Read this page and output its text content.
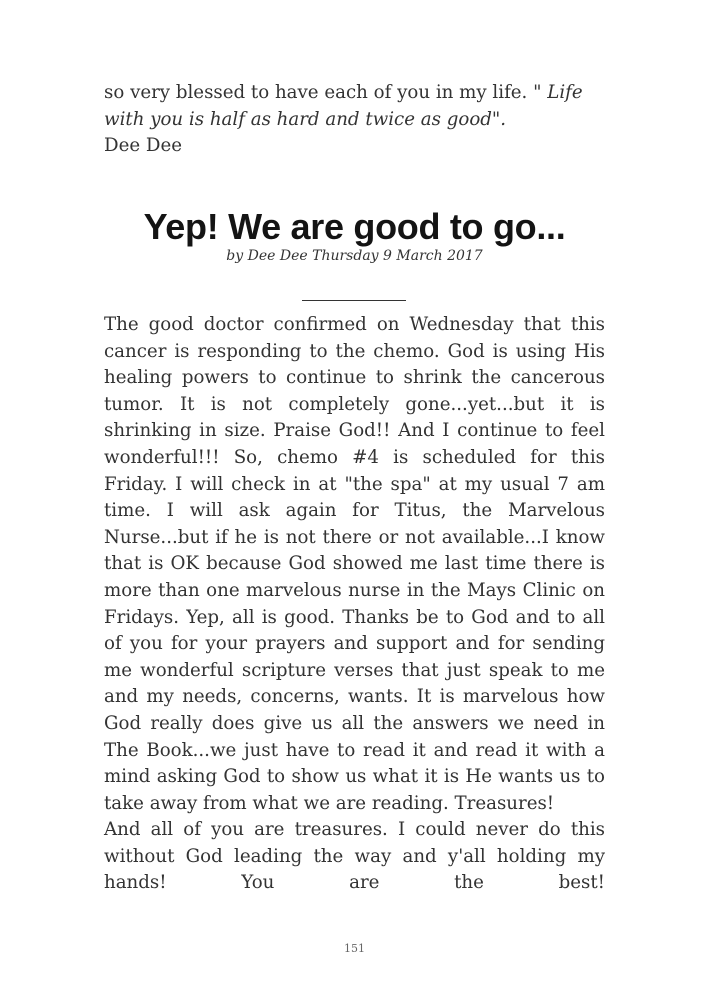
so very blessed to have each of you in my life. " Life with you is half as hard and twice as good".

Dee Dee

Yep! We are good to go...

by Dee Dee Thursday 9 March 2017

The good doctor confirmed on Wednesday that this cancer is responding to the chemo. God is using His healing powers to continue to shrink the cancerous tumor. It is not completely gone...yet...but it is shrinking in size. Praise God!! And I continue to feel wonderful!!! So, chemo #4 is scheduled for this Friday. I will check in at "the spa" at my usual 7 am time. I will ask again for Titus, the Marvelous Nurse...but if he is not there or not available...I know that is OK because God showed me last time there is more than one marvelous nurse in the Mays Clinic on Fridays. Yep, all is good. Thanks be to God and to all of you for your prayers and support and for sending me wonderful scripture verses that just speak to me and my needs, concerns, wants. It is marvelous how God really does give us all the answers we need in The Book...we just have to read it and read it with a mind asking God to show us what it is He wants us to take away from what we are reading. Treasures!

And all of you are treasures. I could never do this without God leading the way and y'all holding my hands! You are the best!

151
